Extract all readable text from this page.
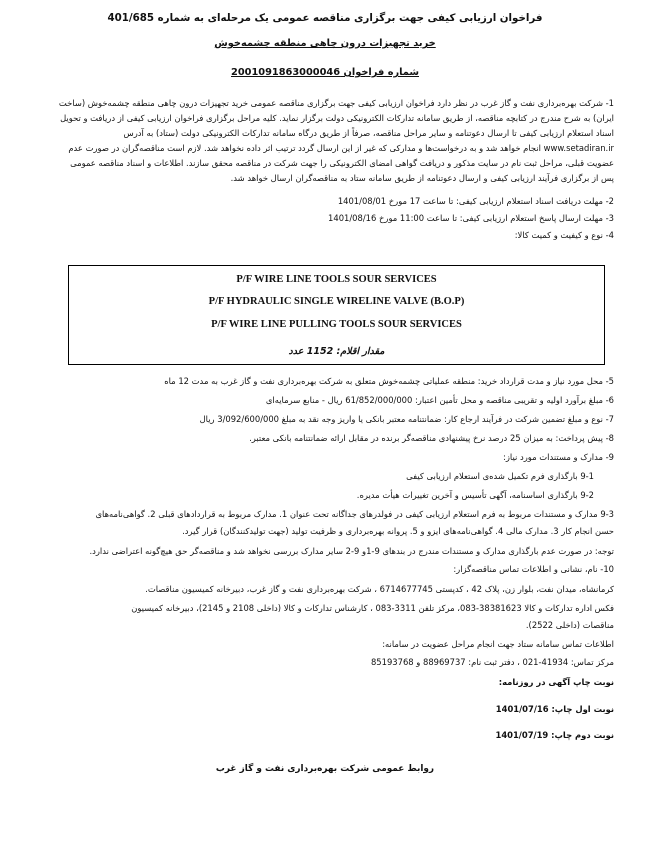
فراخوان ارزیابی کیفی جهت برگزاری مناقصه عمومی یک مرحله‌ای به شماره 401/685
خرید تجهیزات درون چاهی منطقه چشمه‌خوش
شماره فراخوان 2001091863000046
1- شرکت بهره‌برداری نفت و گاز غرب در نظر دارد فراخوان ارزیابی کیفی جهت برگزاری مناقصه عمومی خرید تجهیزات درون چاهی منطقه چشمه‌خوش (ساخت
ایران) به شرح مندرج در کتابچه مناقصه، از طریق سامانه تدارکات الکترونیکی دولت برگزار نماید. کلیه مراحل برگزاری فراخوان ارزیابی کیفی از دریافت و تحویل
اسناد استعلام ارزیابی کیفی تا ارسال دعوتنامه و سایر مراحل مناقصه، صرفاً از طریق درگاه سامانه تدارکات الکترونیکی دولت (ستاد) به آدرس
www.setadiran.ir انجام خواهد شد و به درخواست‌ها و مدارکی که غیر از این ارسال گردد ترتیب اثر داده نخواهد شد. لازم است مناقصه‌گران در صورت عدم
عضویت قبلی، مراحل ثبت نام در سایت مذکور و دریافت گواهی امضای الکترونیکی را جهت شرکت در مناقصه محقق سازند. اطلاعات و اسناد مناقصه عمومی
پس از برگزاری فرآیند ارزیابی کیفی و ارسال دعوتنامه از طریق سامانه ستاد به مناقصه‌گران ارسال خواهد شد.
2- مهلت دریافت اسناد استعلام ارزیابی کیفی: تا ساعت 17 مورخ 1401/08/01
3- مهلت ارسال پاسخ استعلام ارزیابی کیفی: تا ساعت 11:00 مورخ 1401/08/16
4- نوع و کیفیت و کمیت کالا:
P/F WIRE LINE TOOLS SOUR SERVICES
P/F HYDRAULIC SINGLE WIRELINE VALVE (B.O.P)
P/F WIRE LINE PULLING TOOLS SOUR SERVICES
مقدار اقلام: 1152 عدد
5- محل مورد نیاز و مدت قرارداد خرید: منطقه عملیاتی چشمه‌خوش متعلق به شرکت بهره‌برداری نفت و گاز غرب به مدت 12 ماه
6- مبلغ برآورد اولیه و تقریبی مناقصه و محل تأمین اعتبار: 61/852/000/000 ریال - منابع سرمایه‌ای
7- نوع و مبلغ تضمین شرکت در فرآیند ارجاع کار: ضمانتنامه معتبر بانکی یا واریز وجه نقد به مبلغ 3/092/600/000 ریال
8- پیش پرداخت: به میزان 25 درصد نرخ پیشنهادی مناقصه‌گر برنده در مقابل ارائه ضمانتنامه بانکی معتبر.
9- مدارک و مستندات مورد نیاز:
9-1 بارگذاری فرم تکمیل شده‌ی استعلام ارزیابی کیفی
9-2 بارگذاری اساسنامه، آگهی تأسیس و آخرین تغییرات هیأت مدیره.
9-3 مدارک و مستندات مربوط به فرم استعلام ارزیابی کیفی در فولدرهای جداگانه تحت عنوان 1. مدارک مربوط به قراردادهای قبلی 2. گواهی‌نامه‌های
حسن انجام کار 3. مدارک مالی 4. گواهی‌نامه‌های ایزو و 5. پروانه بهره‌برداری و ظرفیت تولید (جهت تولیدکنندگان) قرار گیرد.
توجه: در صورت عدم بارگذاری مدارک و مستندات مندرج در بندهای 9-1و 9-2 سایر مدارک بررسی نخواهد شد و مناقصه‌گر حق هیچ‌گونه اعتراضی ندارد.
10- نام، نشانی و اطلاعات تماس مناقصه‌گزار:
کرمانشاه، میدان نفت، بلوار زن، پلاک 42 ، کدپستی 6714677745 ، شرکت بهره‌برداری نفت و گاز غرب، دبیرخانه کمیسیون مناقصات.
فکس اداره تدارکات و کالا 38381623-083، مرکز تلفن 3311-083 ، کارشناس تدارکات و کالا (داخلی 2108 و 2145)، دبیرخانه کمیسیون
مناقصات (داخلی 2522).
اطلاعات تماس سامانه ستاد جهت انجام مراحل عضویت در سامانه:
مرکز تماس: 41934-021 ، دفتر ثبت نام: 88969737 و 85193768
نوبت چاپ آگهی در روزنامه:
نوبت اول چاپ: 1401/07/16
نوبت دوم چاپ: 1401/07/19
روابط عمومی شرکت بهره‌برداری نفت و گاز غرب
